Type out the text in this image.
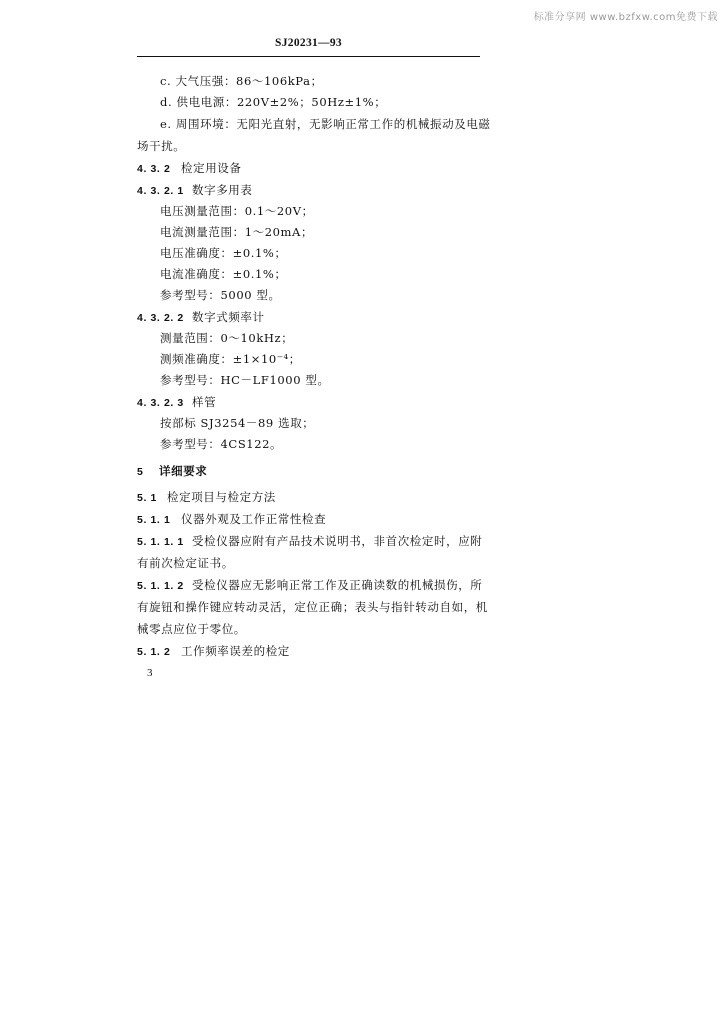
标准分享网 www.bzfxw.com免费下载
SJ20231—93
c. 大气压强：86～106kPa；
d. 供电电源：220V±2%；50Hz±1%；
e. 周围环境：无阳光直射，无影响正常工作的机械振动及电磁
场干扰。
4. 3. 2 检定用设备
4. 3. 2. 1 数字多用表
电压测量范围：0.1～20V；
电流测量范围：1～20mA；
电压准确度：±0.1%；
电流准确度：±0.1%；
参考型号：5000 型。
4. 3. 2. 2 数字式频率计
测量范围：0～10kHz；
测频准确度：±1×10⁻⁴；
参考型号：HC－LF1000 型。
4. 3. 2. 3 样管
按部标 SJ3254－89 选取；
参考型号：4CS122。
5 详细要求
5. 1 检定项目与检定方法
5. 1. 1 仪器外观及工作正常性检查
5. 1. 1. 1 受检仪器应附有产品技术说明书，非首次检定时，应附
有前次检定证书。
5. 1. 1. 2 受检仪器应无影响正常工作及正确读数的机械损伤，所
有旋钮和操作键应转动灵活，定位正确；表头与指针转动自如，机
械零点应位于零位。
5. 1. 2 工作频率误差的检定
3
